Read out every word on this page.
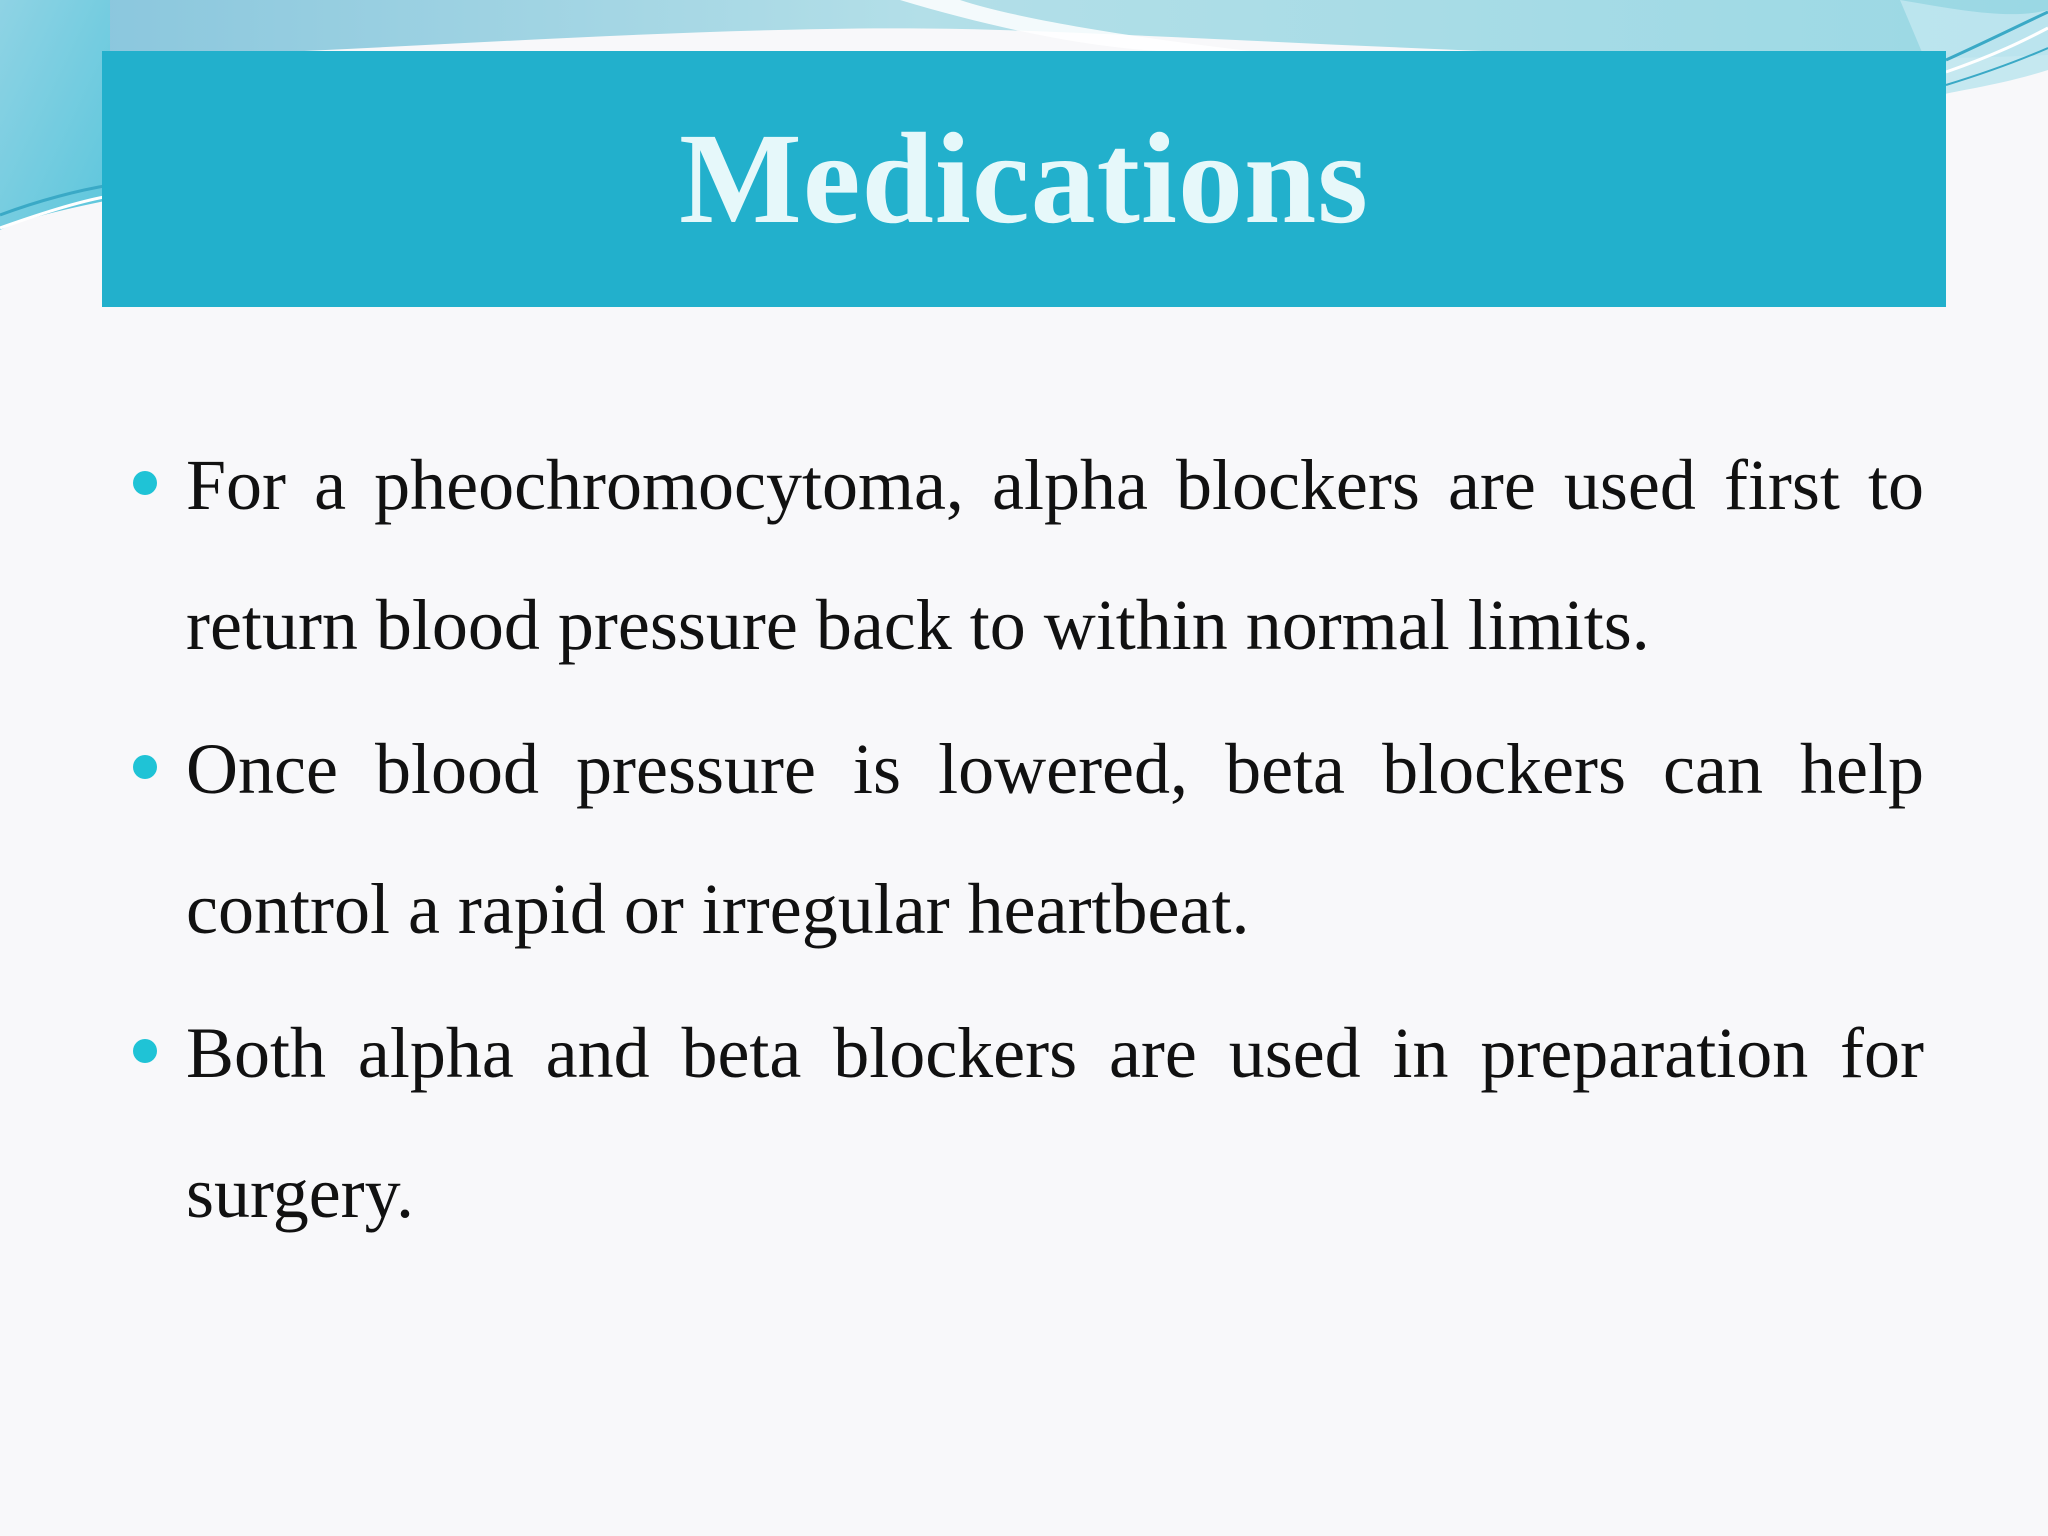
Medications
For a pheochromocytoma, alpha blockers are used first to return blood pressure back to within normal limits.
Once blood pressure is lowered, beta blockers can help control a rapid or irregular heartbeat.
Both alpha and beta blockers are used in preparation for surgery.
